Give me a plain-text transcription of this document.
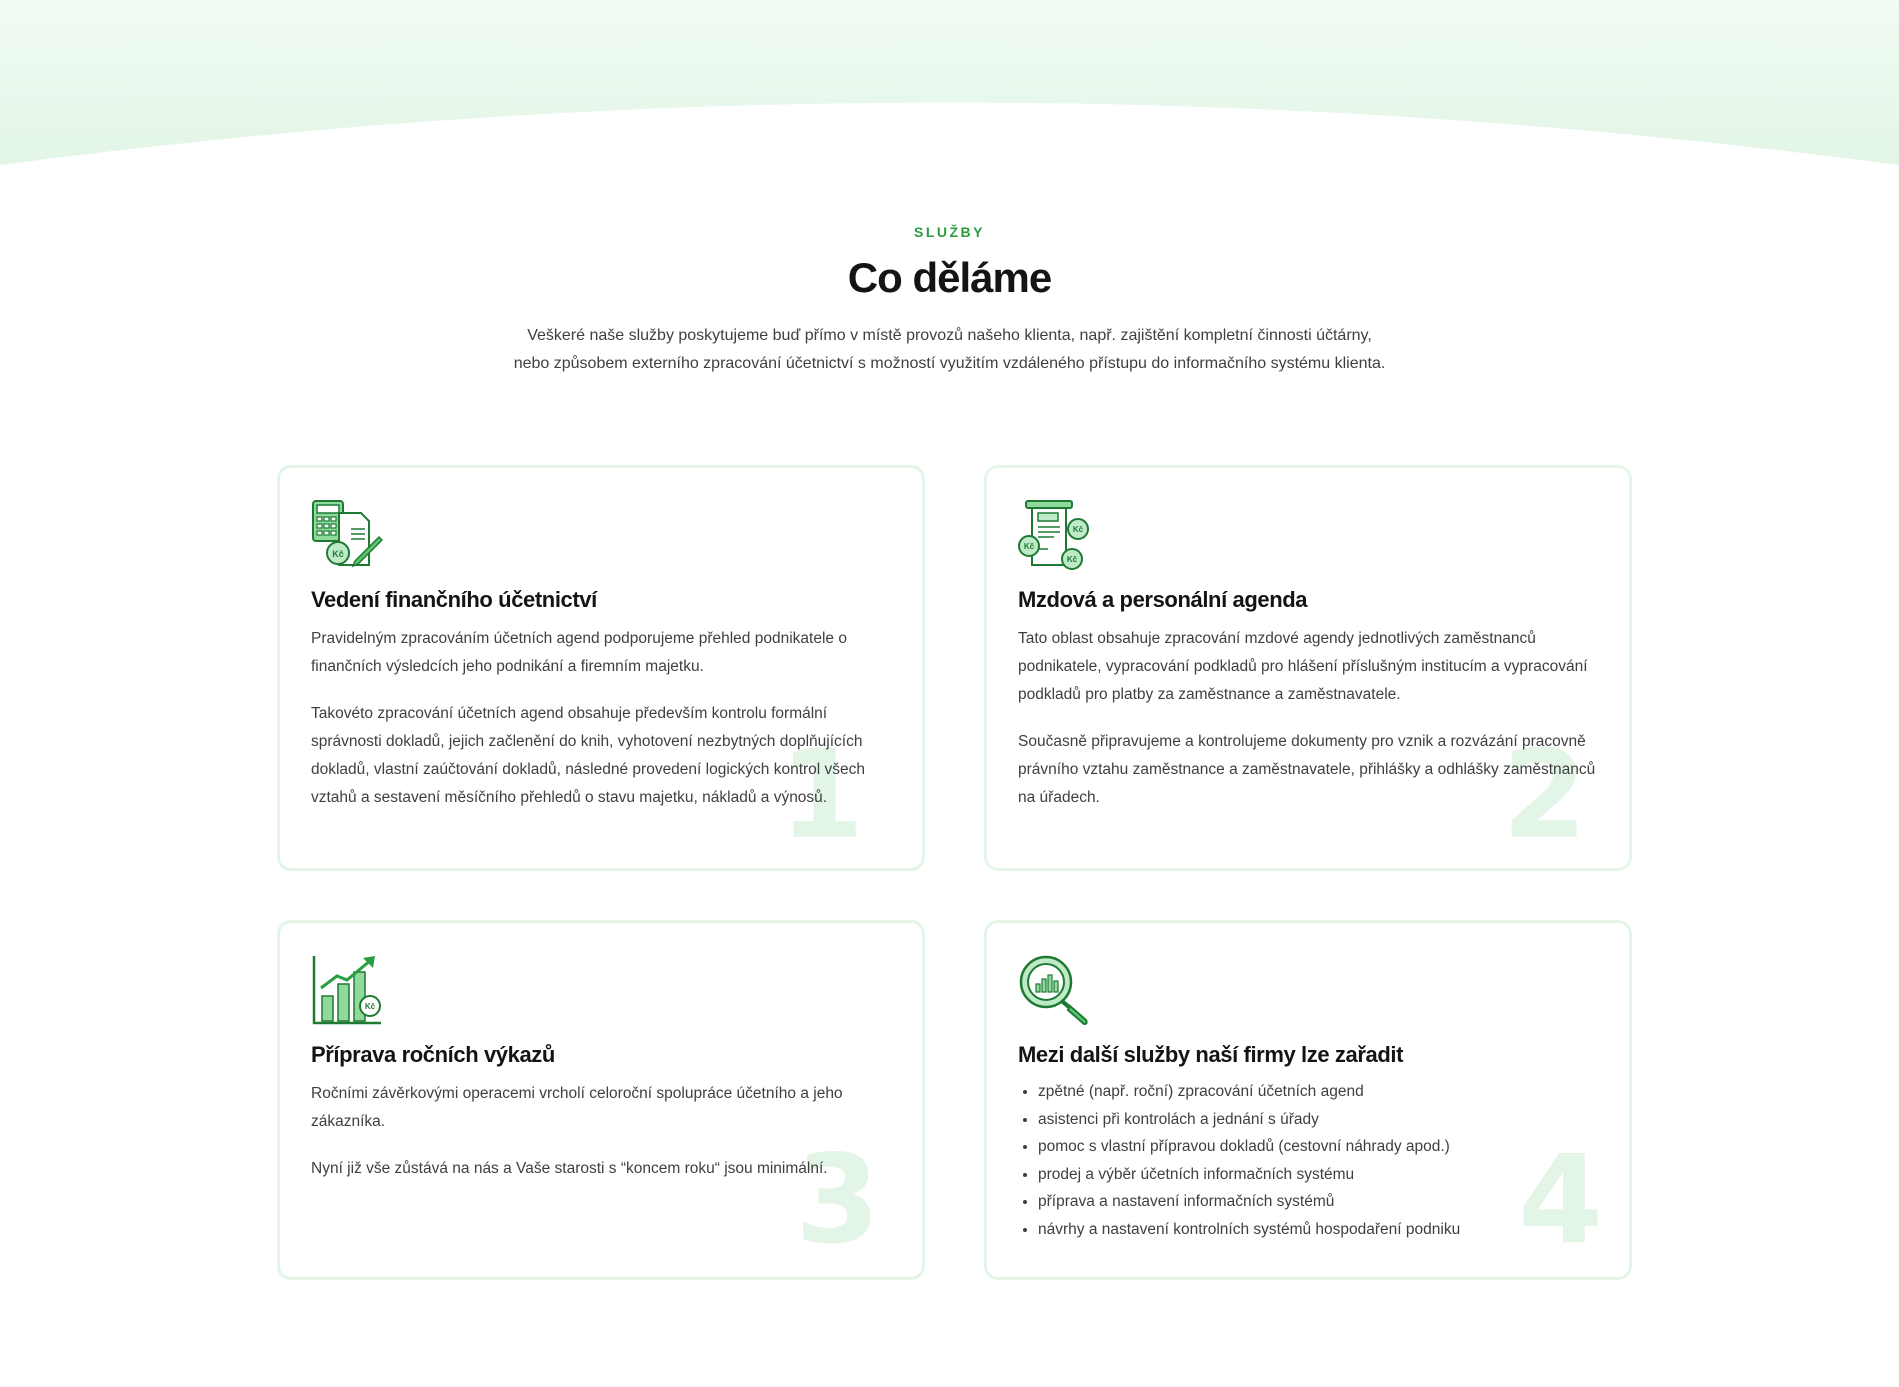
SLUŽBY
Co děláme

Veškeré naše služby poskytujeme buď přímo v místě provozů našeho klienta, např. zajištění kompletní činnosti účtárny, nebo způsobem externího zpracování účetnictví s možností využitím vzdáleného přístupu do informačního systému klienta.

1
Kč
Vedení finančního účetnictví

Pravidelným zpracováním účetních agend podporujeme přehled podnikatele o finančních výsledcích jeho podnikání a firemním majetku.

Takovéto zpracování účetních agend obsahuje především kontrolu formální správnosti dokladů, jejich začlenění do knih, vyhotovení nezbytných doplňujících dokladů, vlastní zaúčtování dokladů, následné provedení logických kontrol všech vztahů a sestavení měsíčního přehledů o stavu majetku, nákladů a výnosů.	2
Kč
Kč
Kč
Mzdová a personální agenda

Tato oblast obsahuje zpracování mzdové agendy jednotlivých zaměstnanců podnikatele, vypracování podkladů pro hlášení příslušným institucím a vypracování podkladů pro platby za zaměstnance a zaměstnavatele.

Současně připravujeme a kontrolujeme dokumenty pro vznik a rozvázání pracovně právního vztahu zaměstnance a zaměstnavatele, přihlášky a odhlášky zaměstnanců na úřadech.

3
Kč
Příprava ročních výkazů

Ročními závěrkovými operacemi vrcholí celoroční spolupráce účetního a jeho zákazníka.

Nyní již vše zůstává na nás a Vaše starosti s “koncem roku“ jsou minimální.	4
Mezi další služby naší firmy lze zařadit
• zpětné (např. roční) zpracování účetních agend
• asistenci při kontrolách a jednání s úřady
• pomoc s vlastní přípravou dokladů (cestovní náhrady apod.)
• prodej a výběr účetních informačních systému
• příprava a nastavení informačních systémů
• návrhy a nastavení kontrolních systémů hospodaření podniku
